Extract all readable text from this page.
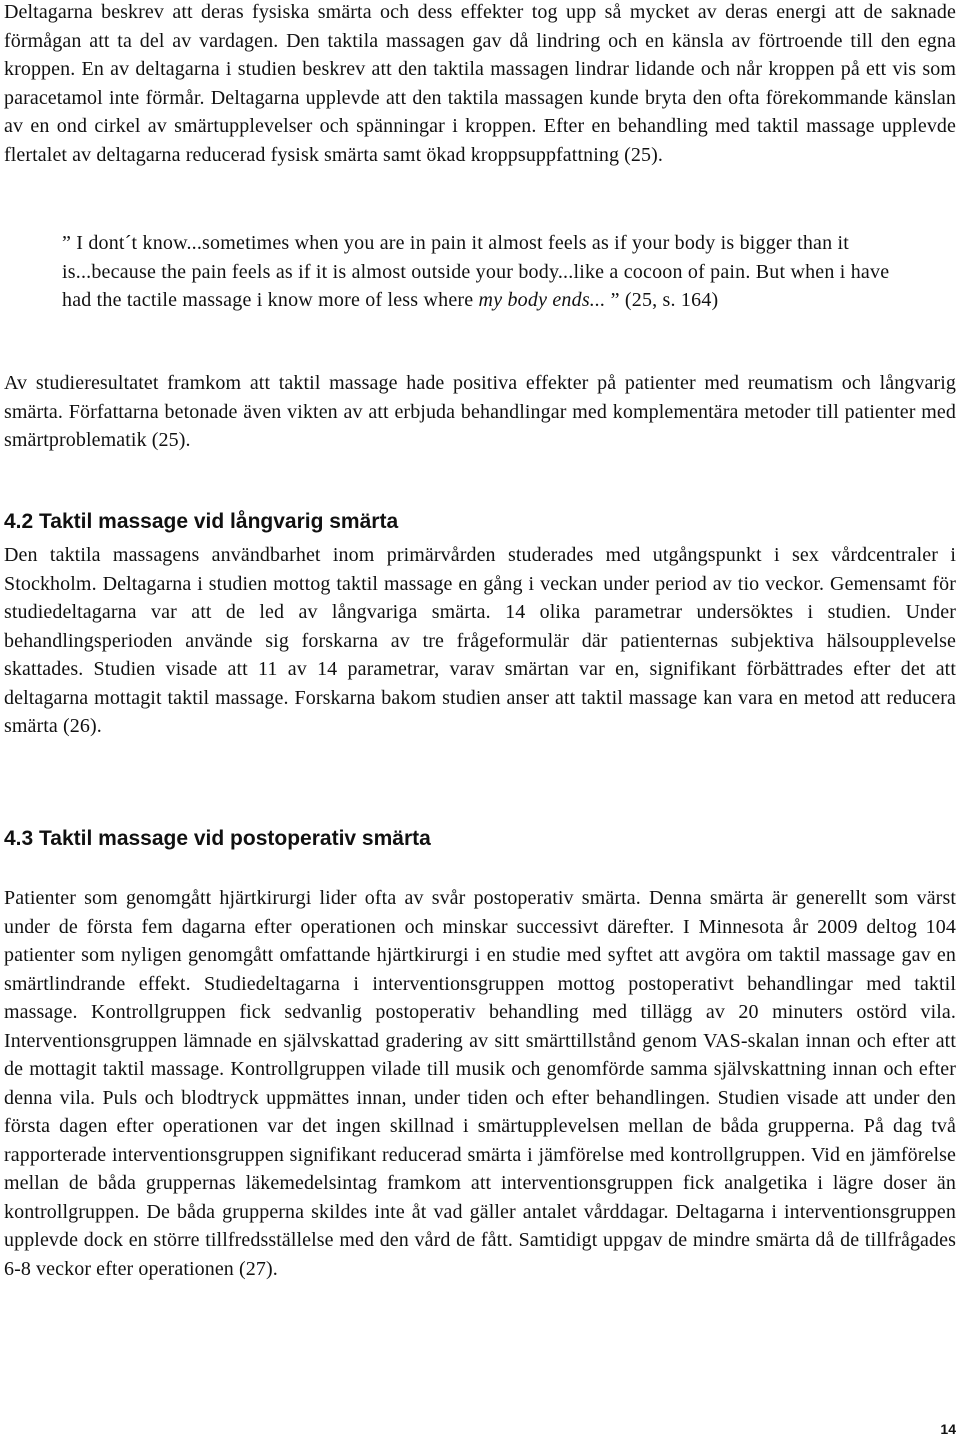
Deltagarna beskrev att deras fysiska smärta och dess effekter tog upp så mycket av deras energi att de saknade förmågan att ta del av vardagen. Den taktila massagen gav då lindring och en känsla av förtroende till den egna kroppen. En av deltagarna i studien beskrev att den taktila massagen lindrar lidande och når kroppen på ett vis som paracetamol inte förmår. Deltagarna upplevde att den taktila massagen kunde bryta den ofta förekommande känslan av en ond cirkel av smärtupplevelser och spänningar i kroppen. Efter en behandling med taktil massage upplevde flertalet av deltagarna reducerad fysisk smärta samt ökad kroppsuppfattning (25).

” I dont´t know...sometimes when you are in pain it almost feels as if your body is bigger than it is...because the pain feels as if it is almost outside your body...like a cocoon of pain. But when i have had the tactile massage i know more of less where my body ends... ” (25, s. 164)

Av studieresultatet framkom att taktil massage hade positiva effekter på patienter med reumatism och långvarig smärta. Författarna betonade även vikten av att erbjuda behandlingar med komplementära metoder till patienter med smärtproblematik (25).

4.2 Taktil massage vid långvarig smärta

Den taktila massagens användbarhet inom primärvården studerades med utgångspunkt i sex vårdcentraler i Stockholm. Deltagarna i studien mottog taktil massage en gång i veckan under period av tio veckor. Gemensamt för studiedeltagarna var att de led av långvariga smärta. 14 olika parametrar undersöktes i studien. Under behandlingsperioden använde sig forskarna av tre frågeformulär där patienternas subjektiva hälsoupplevelse skattades. Studien visade att 11 av 14 parametrar, varav smärtan var en, signifikant förbättrades efter det att deltagarna mottagit taktil massage. Forskarna bakom studien anser att taktil massage kan vara en metod att reducera smärta (26).

4.3 Taktil massage vid postoperativ smärta

Patienter som genomgått hjärtkirurgi lider ofta av svår postoperativ smärta. Denna smärta är generellt som värst under de första fem dagarna efter operationen och minskar successivt därefter. I Minnesota år 2009 deltog 104 patienter som nyligen genomgått omfattande hjärtkirurgi i en studie med syftet att avgöra om taktil massage gav en smärtlindrande effekt. Studiedeltagarna i interventionsgruppen mottog postoperativt behandlingar med taktil massage. Kontrollgruppen fick sedvanlig postoperativ behandling med tillägg av 20 minuters ostörd vila. Interventionsgruppen lämnade en självskattad gradering av sitt smärttillstånd genom VAS-skalan innan och efter att de mottagit taktil massage. Kontrollgruppen vilade till musik och genomförde samma självskattning innan och efter denna vila. Puls och blodtryck uppmättes innan, under tiden och efter behandlingen. Studien visade att under den första dagen efter operationen var det ingen skillnad i smärtupplevelsen mellan de båda grupperna. På dag två rapporterade interventionsgruppen signifikant reducerad smärta i jämförelse med kontrollgruppen. Vid en jämförelse mellan de båda gruppernas läkemedelsintag framkom att interventionsgruppen fick analgetika i lägre doser än kontrollgruppen. De båda grupperna skildes inte åt vad gäller antalet vårddagar. Deltagarna i interventionsgruppen upplevde dock en större tillfredsställelse med den vård de fått. Samtidigt uppgav de mindre smärta då de tillfrågades 6-8 veckor efter operationen (27).

14
